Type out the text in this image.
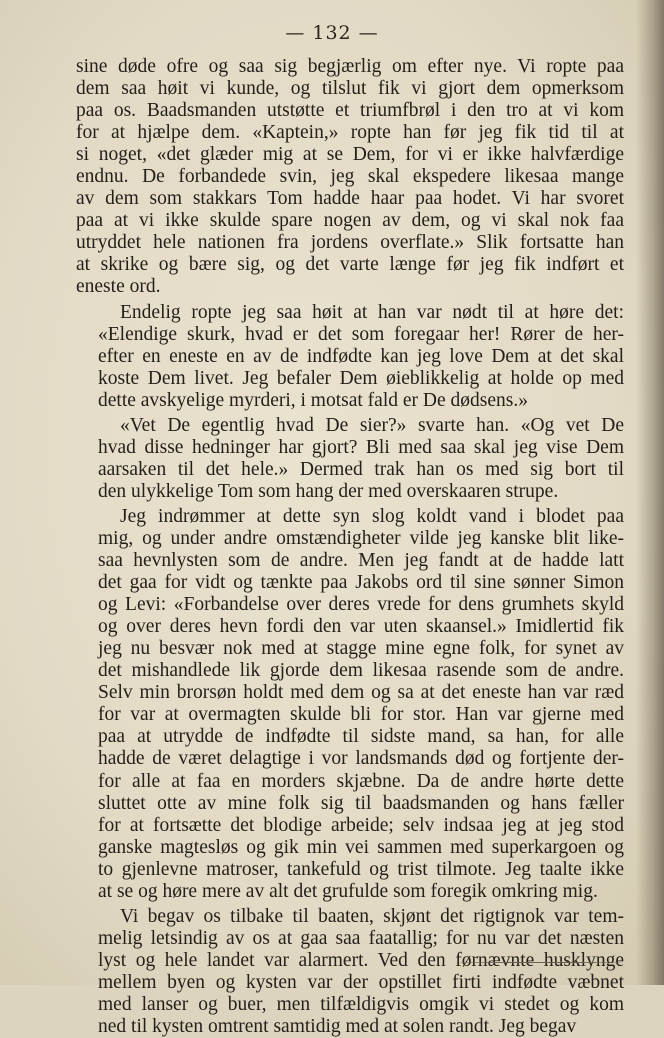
— 132 —
sine døde ofre og saa sig begjærlig om efter nye. Vi ropte paa
dem saa høit vi kunde, og tilslut fik vi gjort dem opmerksom
paa os. Baadsmanden utstøtte et triumfbrøl i den tro at vi kom
for at hjælpe dem. «Kaptein,» ropte han før jeg fik tid til at
si noget, «det glæder mig at se Dem, for vi er ikke halvfærdige
endnu. De forbandede svin, jeg skal ekspedere likesaa mange
av dem som stakkars Tom hadde haar paa hodet. Vi har svoret
paa at vi ikke skulde spare nogen av dem, og vi skal nok faa
utryddet hele nationen fra jordens overflate.» Slik fortsatte han
at skrike og bære sig, og det varte længe før jeg fik indført et
eneste ord.
Endelig ropte jeg saa høit at han var nødt til at høre det:
«Elendige skurk, hvad er det som foregaar her! Rører de her-
efter en eneste en av de indfødte kan jeg love Dem at det skal
koste Dem livet. Jeg befaler Dem øieblikkelig at holde op med
dette avskyelige myrderi, i motsat fald er De dødsens.»
«Vet De egentlig hvad De sier?» svarte han. «Og vet De
hvad disse hedninger har gjort? Bli med saa skal jeg vise Dem
aarsaken til det hele.» Dermed trak han os med sig bort til
den ulykkelige Tom som hang der med overskaaren strupe.
Jeg indrømmer at dette syn slog koldt vand i blodet paa
mig, og under andre omstændigheter vilde jeg kanske blit like-
saa hevnlysten som de andre. Men jeg fandt at de hadde latt
det gaa for vidt og tænkte paa Jakobs ord til sine sønner Simon
og Levi: «Forbandelse over deres vrede for dens grumhets skyld
og over deres hevn fordi den var uten skaansel.» Imidlertid fik
jeg nu besvær nok med at stagge mine egne folk, for synet av
det mishandlede lik gjorde dem likesaa rasende som de andre.
Selv min brorsøn holdt med dem og sa at det eneste han var ræd
for var at overmagten skulde bli for stor. Han var gjerne med
paa at utrydde de indfødte til sidste mand, sa han, for alle
hadde de været delagtige i vor landsmands død og fortjente der-
for alle at faa en morders skjæbne. Da de andre hørte dette
sluttet otte av mine folk sig til baadsmanden og hans fæller
for at fortsætte det blodige arbeide; selv indsaa jeg at jeg stod
ganske magtesløs og gik min vei sammen med superkargoen og
to gjenlevne matroser, tankefuld og trist tilmote. Jeg taalte ikke
at se og høre mere av alt det grufulde som foregik omkring mig.
Vi begav os tilbake til baaten, skjønt det rigtignok var tem-
melig letsindig av os at gaa saa faatallig; for nu var det næsten
lyst og hele landet var alarmert. Ved den førnævnte husklynge
mellem byen og kysten var der opstillet firti indfødte væbnet
med lanser og buer, men tilfældigvis omgik vi stedet og kom
ned til kysten omtrent samtidig med at solen randt. Jeg begav
